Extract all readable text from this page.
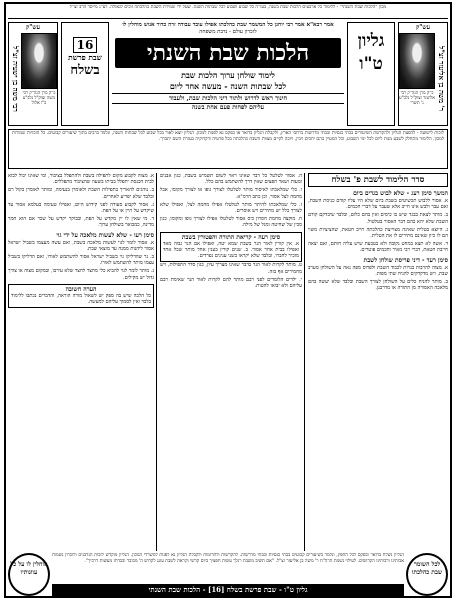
מכון "הלכות שבת השנתי" - ללימוד כל ארבעים הלכות שבת בשנה, בעז"ה כל שבוע ושבוע לכל שבתות השנה. שעל ידי שמירת השבת כהלכתה זוכים לגאולה. לע"נ מייסד הרב זצ"ל
עש"ק
ר' משה בן אליעזר זצ"ל
כ"ק מרן הגה"ק רבי אליעזר זצוק"ל נלב"ע ג' תשרי
גליון
ט"ו
אמר רבא"א אמר רבי יוחנן כל המשמר שבת כהלכתו אפילו עובד עבודה זרה כדור אנוש מוחלין לו
לזכרון עולם - נדבת משפחה
הלכות שבת השנתי
לימוד שולחן ערוך הלכות שבת
לכל שבתות השנה - מעשה אחד ליום
חינוך ראש לדרוש ולתור דיני הלכות שבת, ולעבוד
עליהם לפחות פעם אחת בשנה
16
שבת פרשת
בשלח
עש"ק
רבי משה בן ישעיה זצ"ל כ"ק מרן הגה"ק רבי משה זצוק"ל נלב"ע כ"ו אלול
לזכות לישועה - להפצת הגליון ולהקדשת השיעורים בבתי כנסיות ובבתי מדרשות ברחבי הארץ, ולקבלת הגליון בדואר או בפקס נא לפנות למכון. הגליון יוצא לאור בכל שבוע לכל שבתות השנה, ונלמד ברבים בתוך שיעורים קבועים. כל הזכויות שמורות למכון. הלימוד מתחלק לשבע מנות ליום לכל ימי השבוע, וכל המעיין בהם יחכים ויבין, ויזכה לקיים מצוות השבת כהלכתה בכל פרטיה ודקדוקיה בעזרת השם יתברך.
סדר הלימוד לשבת פ' בשלח
המשך סימן רעג - שלא לבוש בגדים ביום
א. אסור ללבוש תכשיטים בשבת ביום שלא היו עליו קודם כניסת השבת, ואם עבר ולבש אינו חייב אלא שעבר על דברי חכמים.
ב. מותר לצאת בבגד שיש בו כיסים ואין בהם כלום, ובלבד שיבדקם קודם השבת שלא יהא בהם דבר האסור בטלטול.
ג. היוצא בטלית שאינה מצוייצת כהלכתה חייב חטאת, שהציציות משוי הם לו כיון שאינם מתירים לו את הטלית.
ד. אשה לא תצא במחט נקובה ולא בטבעת שיש עליה חותם, ואם יצאה חייבת חטאת, דברי רבי מאיר וחכמים פוטרים.
סימן רעד - דיני פריסת שולחן לשבת
א. מצוה להרבות בנרות לכבוד השבת ולפרוס מפה נאה על השולחן מערב שבת, ויש מדקדקים להניח שתי מפות.
ב. מותר להניח כלים על השולחן לצורך השבת ובלבד שלא יעשה בהם מלאכה האסורה מן התורה או מדרבנן.
ה. אסור לטלטל כל דבר שאינו ראוי לשום תשמיש בשבת, כגון אבנים ומעות ושאר חפצים שאין דרך להשתמש בהם כלל.
ו. כלי שמלאכתו לאיסור מותר לטלטלו לצורך גופו או לצורך מקומו, אבל מחמה לצל אסור, וכן כתב הרמ"א.
ז. כלי שמלאכתו להיתר מותר לטלטלו אפילו מחמה לצל, ואפילו שלא לצורך כלל יש מתירים ויש אוסרים.
ח. מוקצה מחמת חסרון כיס אסור לטלטלו אפילו לצורך גופו ומקומו, כגון סכין של שחיטה ומגל של מילה.
סימן רעה - קריאת התורה והפטורין בשבת
א. אין קורין לאור הנר בשבת שמא יטה, ואפילו אם הנר גבוה מאד ואפילו בבית אחר אסור. ב. שנים קורין בענין אחד מותר שכל אחד מזכיר לחברו, ובלבד שלא יקראו בשני ענינים נפרדים.
ט. מותר לקרות לאור הנר בדבר שאינו מצריך עיון, כגון סדר התפילות, ויש מחמירים אף בזה.
י. ילדים הלומדים לפני רבם מותר להם לקרות לאור הנר שאימת רבם עליהם ולא יבואו להטות.
א. מצוה לקבוע מקום לתפילה בשבת ולהתפלל בציבור, ומי שאינו יכול לבוא לבית הכנסת יתפלל בביתו בשעה שהציבור מתפללים.
ב. נוהגים להאריך בתפילות השבת ולאומרן בנעימה, ומותר לאומרן בקול רם ובלבד שלא יפריע לאחרים.
ג. אסור לקבוע סעודה לפני קידוש היום, ואפילו טעימה בעלמא אסור עד שיקדש על היין או על הפת.
ד. מי שאין לו יין מקדש על הפת, ובבוקר יקדש על שכר אם הוא חמר מדינה, כמבואר בשולחן ערוך.
סימן רעו - שלא לעשות מלאכה על ידי גוי
א. אסור לומר לגוי לעשות מלאכה בשבת, ואם עשה מעצמו בשביל ישראל אסור ליהנות ממנה עד מוצאי שבת.
ב. נר שהדליקו גוי בשביל ישראל אסור להשתמש לאורו, ואם הדליקו בשביל עצמו מותר להשתמש לאורו.
ג. מותר לומר לגוי להביא כלי מחצר לחצר שלא עירבו, ובמקום מצוה או צורך גדול יש מקילים.
הערה חשובה
כל הלכה שיש בה ספק יש לשאול מורה הוראה, והדברים נכתבו ללימוד בלבד ואין לסמוך עליהם למעשה.
לכל השומר שבת כהלכתו
הגליון נשלח בדואר ובפקס לכל החפץ, ונלמד בשיעורים קבועים בבתי כנסיות ובבתי מדרשות. להקדשות ולתרומות ולקבלת הגליון נא לפנות למשרדי המכון. הגליון מוקדש לזכות הנדבנים ולזכרון נשמות אבותינו ורבותינו הקדושים. לעילוי נשמת הרה"ח ר' משה בן אליעזר זצ"ל. "אם תשיב משבת רגלך עשות חפציך ביום קדשי וקראת לשבת עונג לקדוש ה' מכובד וכבדתו מעשות דרכיך".
גליון ט"ו - שבת פרשת בשלח [16] - הלכות שבת השנתי
מוחלין לו על כל עוונותיו
